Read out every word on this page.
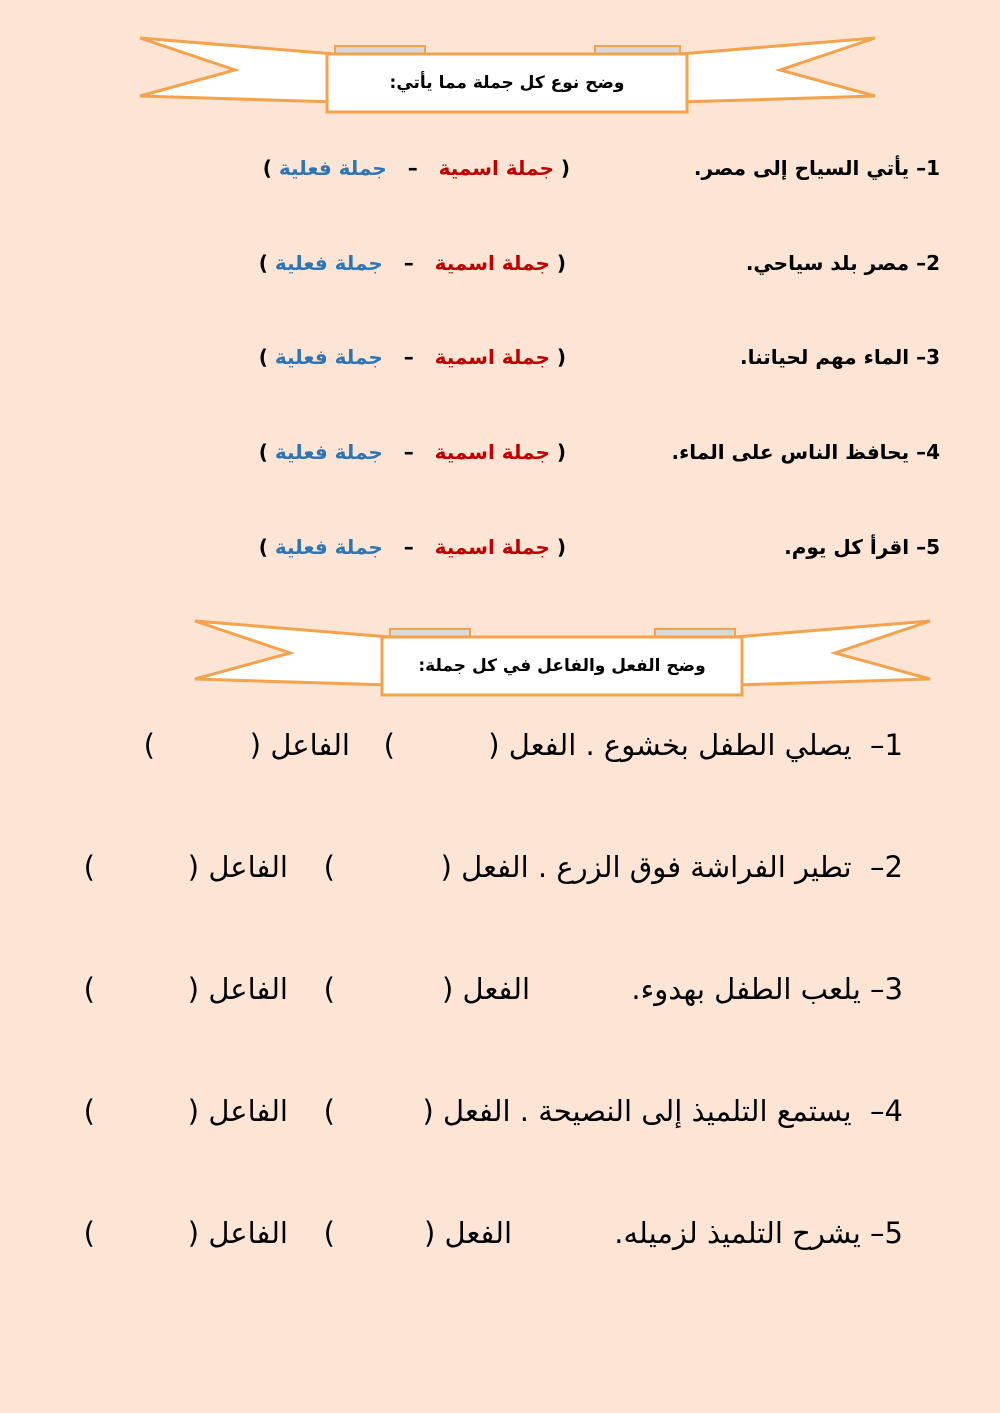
وضح نوع كل جملة مما يأتي:
1– يأتي السياح إلى مصر.
( جملة اسمية   –   جملة فعلية )
2– مصر بلد سياحي.
( جملة اسمية   –   جملة فعلية )
3– الماء مهم لحياتنا.
( جملة اسمية   –   جملة فعلية )
4– يحافظ الناس على الماء.
( جملة اسمية   –   جملة فعلية )
5– اقرأ كل يوم.
( جملة اسمية   –   جملة فعلية )
وضح الفعل والفاعل في كل جملة:
1–  يصلي الطفل بخشوع . الفعل (
)
الفاعل (
)
2–  تطير الفراشة فوق الزرع . الفعل (
)
الفاعل (
)
3– يلعب الطفل بهدوء.
الفعل (
)
الفاعل (
)
4–  يستمع التلميذ إلى النصيحة . الفعل (
)
الفاعل (
)
5– يشرح التلميذ لزميله.
الفعل (
)
الفاعل (
)
